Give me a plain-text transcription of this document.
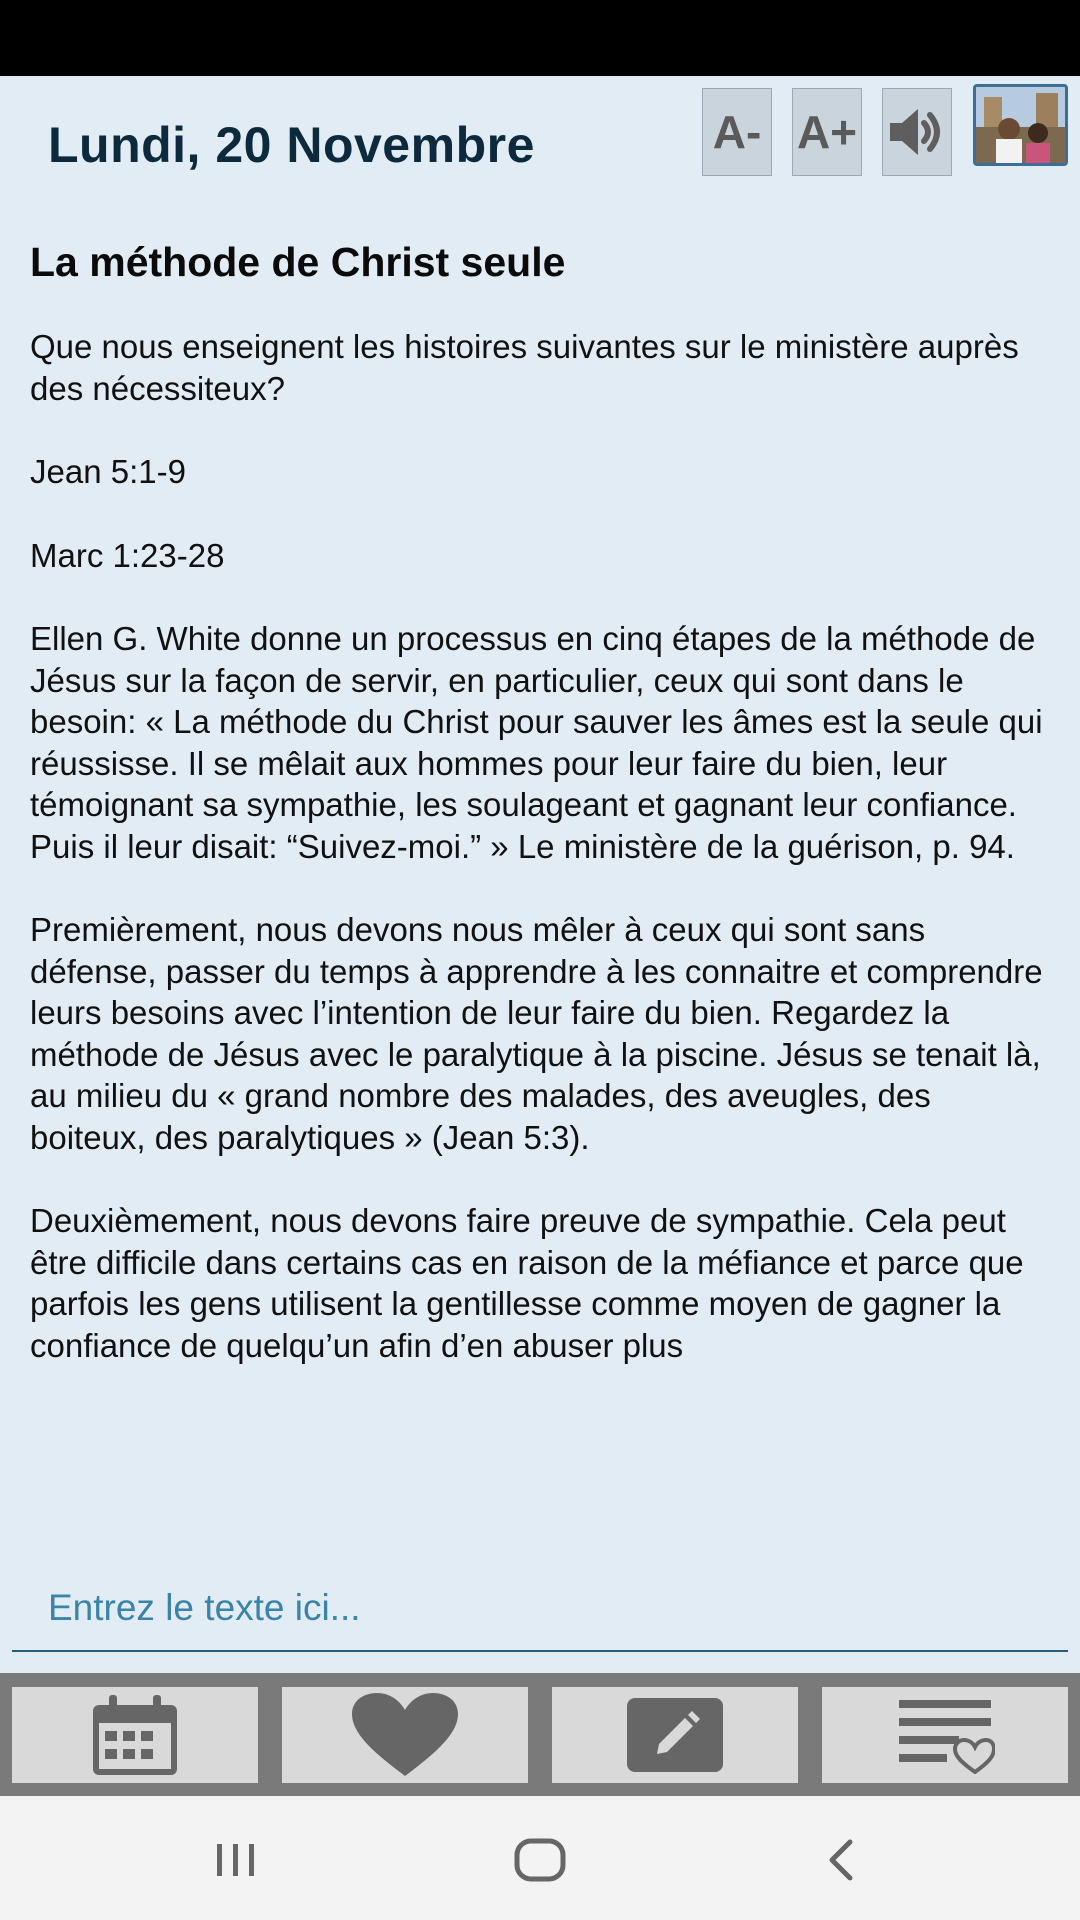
Lundi, 20 Novembre	A- A+
La méthode de Christ seule

Que nous enseignent les histoires suivantes sur le ministère auprès des nécessiteux?

Jean 5:1-9

Marc 1:23-28

Ellen G. White donne un processus en cinq étapes de la méthode de Jésus sur la façon de servir, en particulier, ceux qui sont dans le besoin: « La méthode du Christ pour sauver les âmes est la seule qui réussisse. Il se mêlait aux hommes pour leur faire du bien, leur témoignant sa sympathie, les soulageant et gagnant leur confiance. Puis il leur disait: “Suivez-moi.” » Le ministère de la guérison, p. 94.

Premièrement, nous devons nous mêler à ceux qui sont sans défense, passer du temps à apprendre à les connaitre et comprendre leurs besoins avec l’intention de leur faire du bien. Regardez la méthode de Jésus avec le paralytique à la piscine. Jésus se tenait là, au milieu du « grand nombre des malades, des aveugles, des boiteux, des paralytiques » (Jean 5:3).

Deuxièmement, nous devons faire preuve de sympathie. Cela peut être difficile dans certains cas en raison de la méfiance et parce que parfois les gens utilisent la gentillesse comme moyen de gagner la confiance de quelqu’un afin d’en abuser plus

Entrez le texte ici...
